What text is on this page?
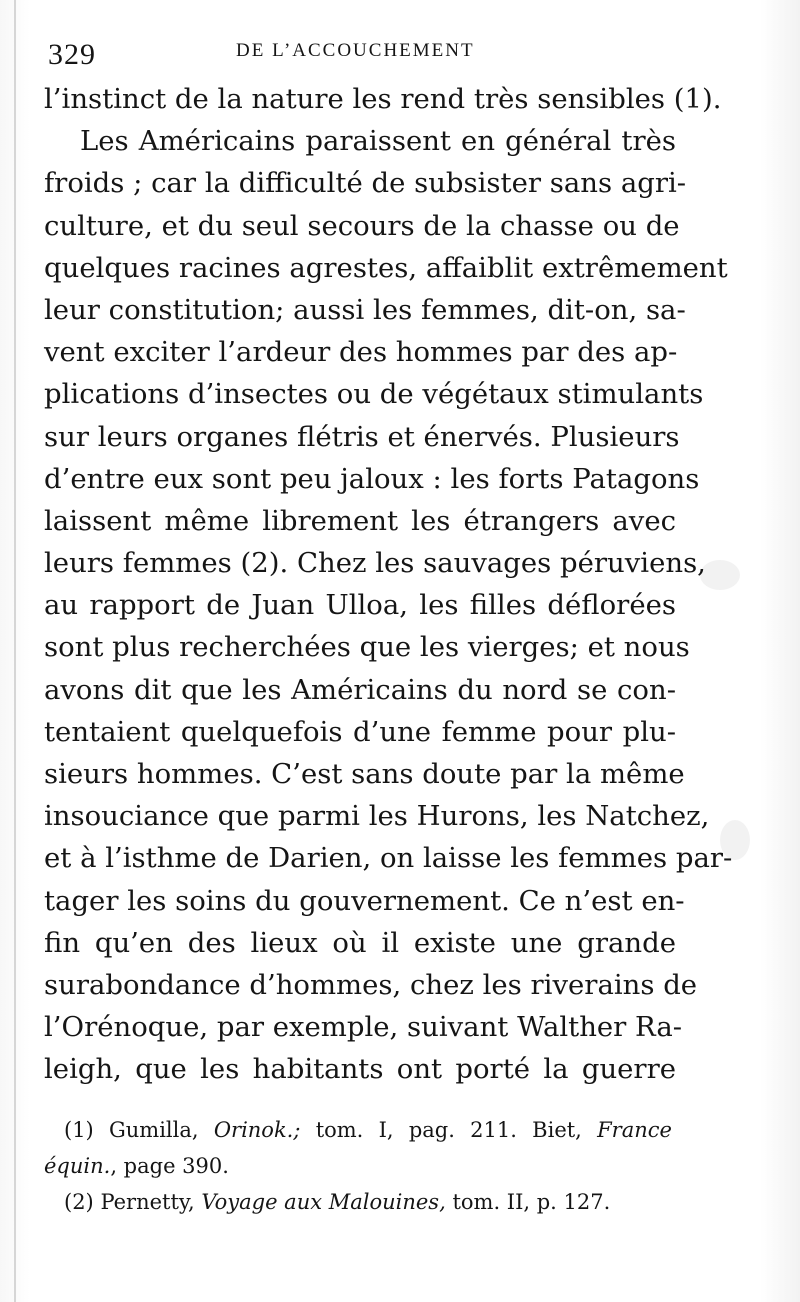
329	DE L’ACCOUCHEMENT
l’instinct de la nature les rend très sensibles (1).
Les Américains paraissent en général très
froids ; car la difficulté de subsister sans agri-
culture, et du seul secours de la chasse ou de
quelques racines agrestes, affaiblit extrêmement
leur constitution; aussi les femmes, dit-on, sa-
vent exciter l’ardeur des hommes par des ap-
plications d’insectes ou de végétaux stimulants
sur leurs organes flétris et énervés. Plusieurs
d’entre eux sont peu jaloux : les forts Patagons
laissent même librement les étrangers avec
leurs femmes (2). Chez les sauvages péruviens,
au rapport de Juan Ulloa, les filles déflorées
sont plus recherchées que les vierges; et nous
avons dit que les Américains du nord se con-
tentaient quelquefois d’une femme pour plu-
sieurs hommes. C’est sans doute par la même
insouciance que parmi les Hurons, les Natchez,
et à l’isthme de Darien, on laisse les femmes par-
tager les soins du gouvernement. Ce n’est en-
fin qu’en des lieux où il existe une grande
surabondance d’hommes, chez les riverains de
l’Orénoque, par exemple, suivant Walther Ra-
leigh, que les habitants ont porté la guerre
(1) Gumilla, Orinok.; tom. I, pag. 211. Biet, France
équin., page 390.
(2) Pernetty, Voyage aux Malouines, tom. II, p. 127.
